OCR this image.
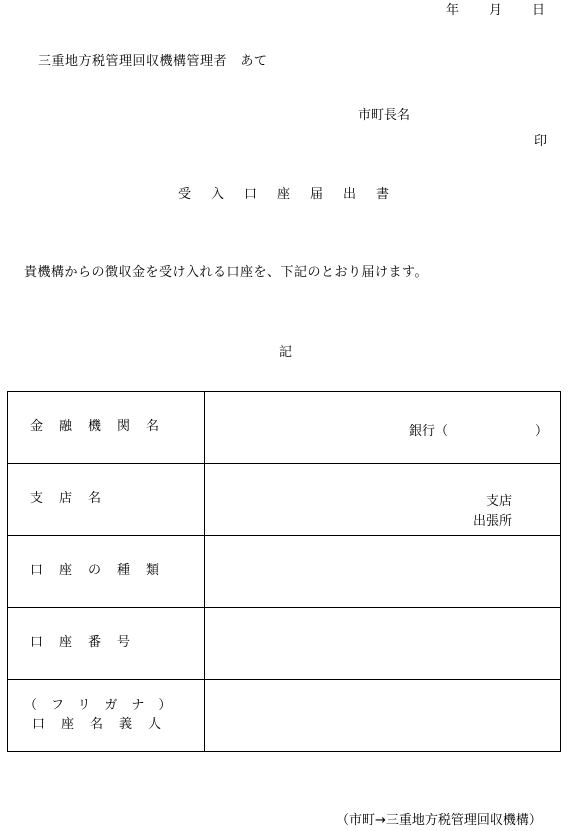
年 月 日
三重地方税管理回収機構管理者　あて
市町長名
印
受入口座届出書
貴機構からの徴収金を受け入れる口座を、下記のとおり届けます。
記
金融機関名	銀行（ ）

支店名	支店
出張所

口座の種類	

口座番号	

（フリガナ）
口座名義人	

（市町→三重地方税管理回収機構）
